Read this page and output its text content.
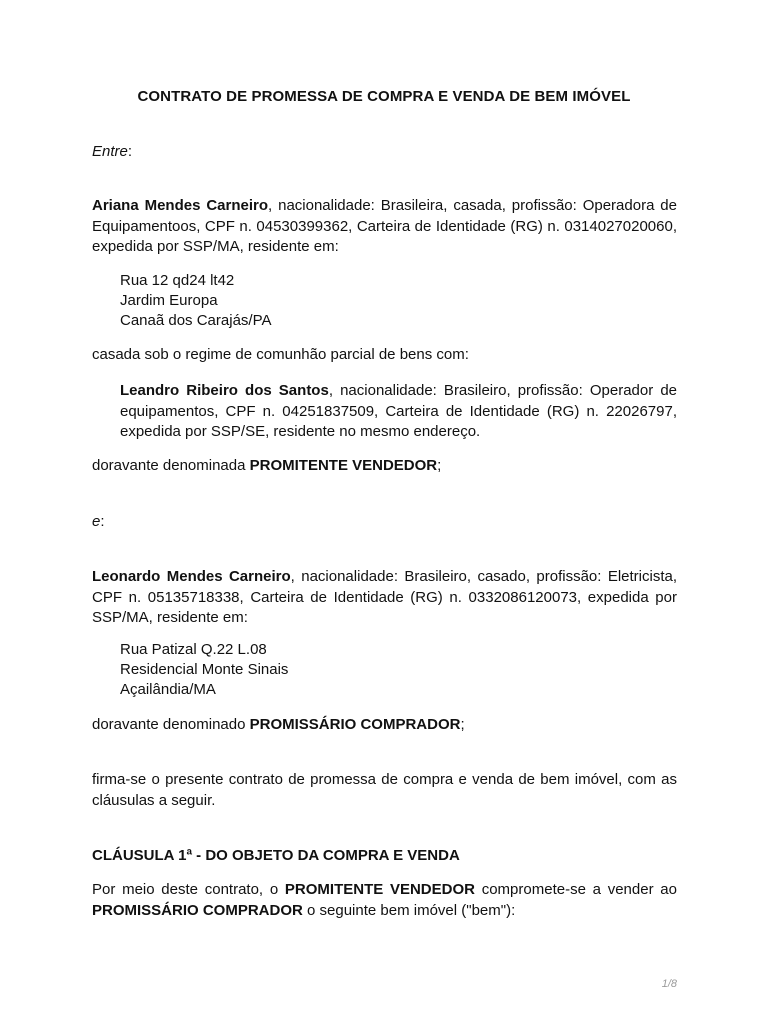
CONTRATO DE PROMESSA DE COMPRA E VENDA DE BEM IMÓVEL
Entre:
Ariana Mendes Carneiro, nacionalidade: Brasileira, casada, profissão: Operadora de Equipamentoos, CPF n. 04530399362, Carteira de Identidade (RG) n. 0314027020060, expedida por SSP/MA, residente em:
Rua 12 qd24 lt42
Jardim Europa
Canaã dos Carajás/PA
casada sob o regime de comunhão parcial de bens com:
Leandro Ribeiro dos Santos, nacionalidade: Brasileiro, profissão: Operador de equipamentos, CPF n. 04251837509, Carteira de Identidade (RG) n. 22026797, expedida por SSP/SE, residente no mesmo endereço.
doravante denominada PROMITENTE VENDEDOR;
e:
Leonardo Mendes Carneiro, nacionalidade: Brasileiro, casado, profissão: Eletricista, CPF n. 05135718338, Carteira de Identidade (RG) n. 0332086120073, expedida por SSP/MA, residente em:
Rua Patizal Q.22 L.08
Residencial Monte Sinais
Açailândia/MA
doravante denominado PROMISSÁRIO COMPRADOR;
firma-se o presente contrato de promessa de compra e venda de bem imóvel, com as cláusulas a seguir.
CLÁUSULA 1ª - DO OBJETO DA COMPRA E VENDA
Por meio deste contrato, o PROMITENTE VENDEDOR compromete-se a vender ao PROMISSÁRIO COMPRADOR o seguinte bem imóvel ("bem"):
1/8
